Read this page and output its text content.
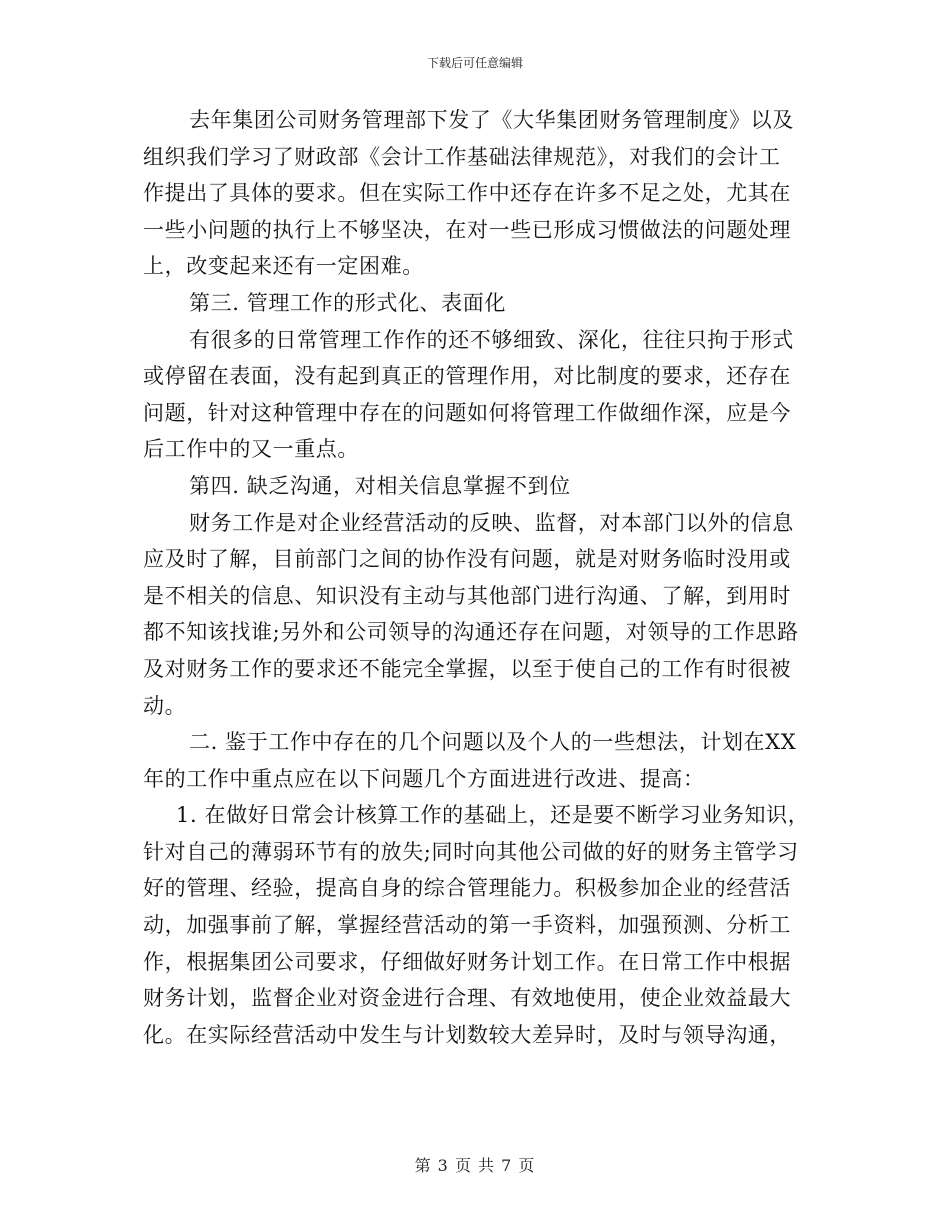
下载后可任意编辑
去年集团公司财务管理部下发了《大华集团财务管理制度》以及
组织我们学习了财政部《会计工作基础法律规范》，对我们的会计工
作提出了具体的要求。但在实际工作中还存在许多不足之处，尤其在
一些小问题的执行上不够坚决，在对一些已形成习惯做法的问题处理
上，改变起来还有一定困难。
第三. 管理工作的形式化、表面化
有很多的日常管理工作作的还不够细致、深化，往往只拘于形式
或停留在表面，没有起到真正的管理作用，对比制度的要求，还存在
问题，针对这种管理中存在的问题如何将管理工作做细作深，应是今
后工作中的又一重点。
第四. 缺乏沟通，对相关信息掌握不到位
财务工作是对企业经营活动的反映、监督，对本部门以外的信息
应及时了解，目前部门之间的协作没有问题，就是对财务临时没用或
是不相关的信息、知识没有主动与其他部门进行沟通、了解，到用时
都不知该找谁;另外和公司领导的沟通还存在问题，对领导的工作思路
及对财务工作的要求还不能完全掌握，以至于使自己的工作有时很被
动。
二. 鉴于工作中存在的几个问题以及个人的一些想法，计划在XX
年的工作中重点应在以下问题几个方面进进行改进、提高：
1. 在做好日常会计核算工作的基础上，还是要不断学习业务知识，
针对自己的薄弱环节有的放失;同时向其他公司做的好的财务主管学习
好的管理、经验，提高自身的综合管理能力。积极参加企业的经营活
动，加强事前了解，掌握经营活动的第一手资料，加强预测、分析工
作，根据集团公司要求，仔细做好财务计划工作。在日常工作中根据
财务计划，监督企业对资金进行合理、有效地使用，使企业效益最大
化。在实际经营活动中发生与计划数较大差异时，及时与领导沟通，
第 3 页 共 7 页
